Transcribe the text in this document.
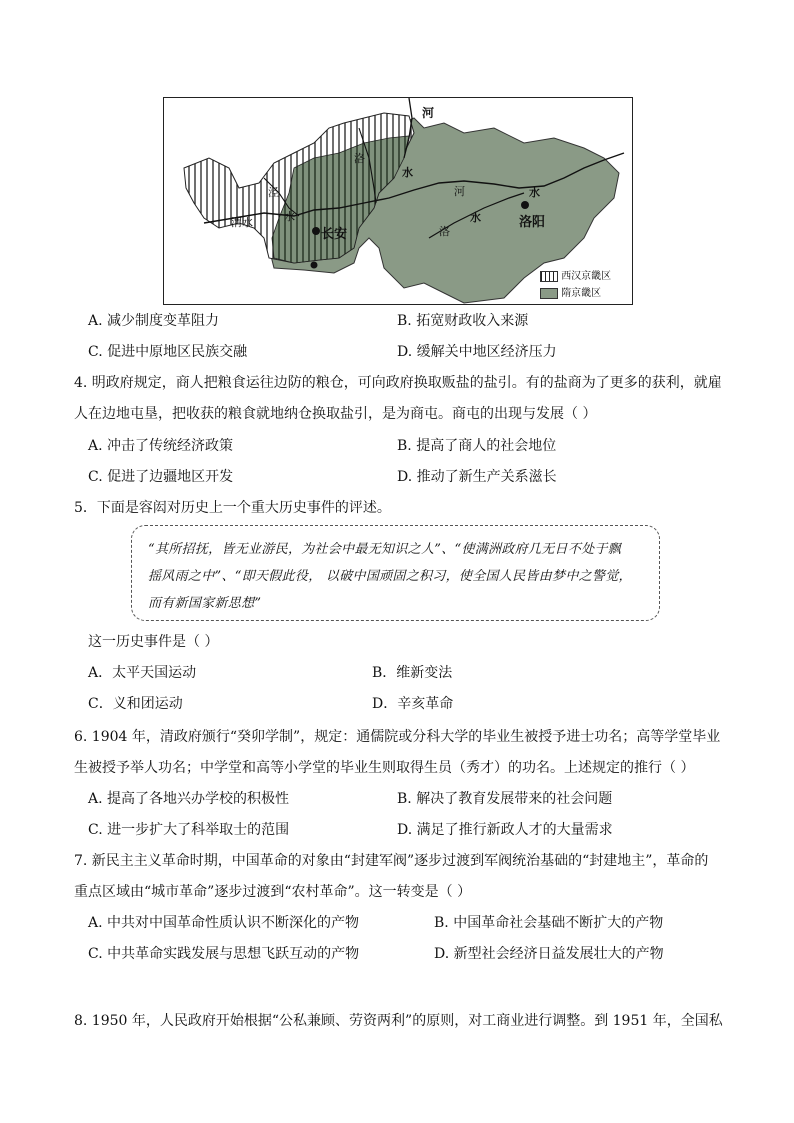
河
洛
泾
渭水	水
水
长安	洛
水
河	水
洛阳
西汉京畿区
隋京畿区
A. 减少制度变革阻力	B. 拓宽财政收入来源
C. 促进中原地区民族交融	D. 缓解关中地区经济压力
4. 明政府规定，商人把粮食运往边防的粮仓，可向政府换取贩盐的盐引。有的盐商为了更多的获利，就雇
人在边地屯垦，把收获的粮食就地纳仓换取盐引，是为商屯。商屯的出现与发展（ ）
A. 冲击了传统经济政策	B. 提高了商人的社会地位
C. 促进了边疆地区开发	D. 推动了新生产关系滋长
5．下面是容闳对历史上一个重大历史事件的评述。
“其所招抚，皆无业游民，为社会中最无知识之人”、“使满洲政府几无日不处于飘
摇风雨之中”、“即天假此役， 以破中国顽固之积习，使全国人民皆由梦中之警觉，
而有新国家新思想”
这一历史事件是（ ）
A．太平天国运动	B．维新变法
C．义和团运动	D．辛亥革命
6. 1904 年，清政府颁行“癸卯学制”，规定：通儒院或分科大学的毕业生被授予进士功名；高等学堂毕业
生被授予举人功名；中学堂和高等小学堂的毕业生则取得生员（秀才）的功名。上述规定的推行（ ）
A. 提高了各地兴办学校的积极性	B. 解决了教育发展带来的社会问题
C. 进一步扩大了科举取士的范围	D. 满足了推行新政人才的大量需求
7. 新民主主义革命时期，中国革命的对象由“封建军阀”逐步过渡到军阀统治基础的“封建地主”，革命的
重点区域由“城市革命”逐步过渡到“农村革命”。这一转变是（ ）
A. 中共对中国革命性质认识不断深化的产物	B. 中国革命社会基础不断扩大的产物
C. 中共革命实践发展与思想飞跃互动的产物	D. 新型社会经济日益发展壮大的产物
8. 1950 年，人民政府开始根据“公私兼顾、劳资两利”的原则，对工商业进行调整。到 1951 年，全国私
